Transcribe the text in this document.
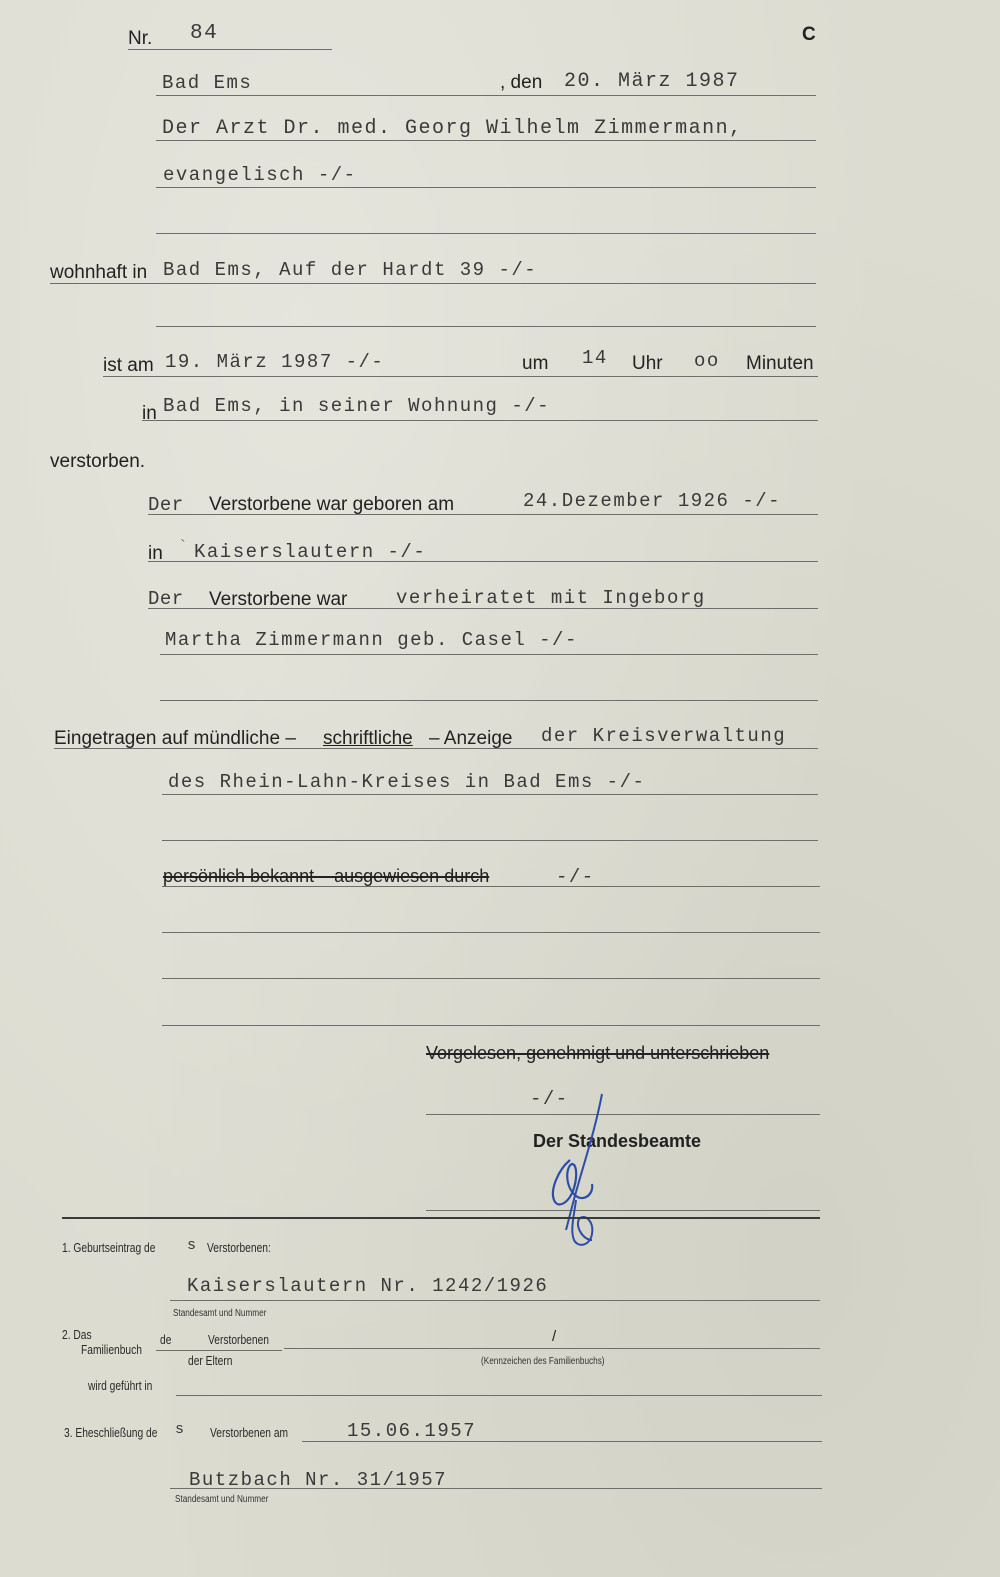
Nr. 84	C
Bad Ems	, den 20. März 1987
Der Arzt Dr. med. Georg Wilhelm Zimmermann,
evangelisch -/-
wohnhaft in Bad Ems, Auf der Hardt 39 -/-
ist am 19. März 1987 -/-	um 14 Uhr oo Minuten
in Bad Ems, in seiner Wohnung -/-
verstorben.
Der Verstorbene war geboren am	24.Dezember 1926 -/-
in ` Kaiserslautern -/-
Der Verstorbene war	verheiratet mit Ingeborg
Martha Zimmermann geb. Casel -/-
Eingetragen auf mündliche – schriftliche – Anzeige der Kreisverwaltung
des Rhein-Lahn-Kreises in Bad Ems -/-
persönlich bekannt – ausgewiesen durch	-/-
Vorgelesen, genehmigt und unterschrieben
-/-
Der Standesbeamte
1. Geburtseintrag de s Verstorbenen:
Kaiserslautern Nr. 1242/1926
Standesamt und Nummer
2. Das
Familienbuch
de	Verstorbenen
der Eltern
/
(Kennzeichen des Familienbuchs)
wird geführt in
3. Eheschließung de s Verstorbenen am	15.06.1957
Butzbach Nr. 31/1957
Standesamt und Nummer
